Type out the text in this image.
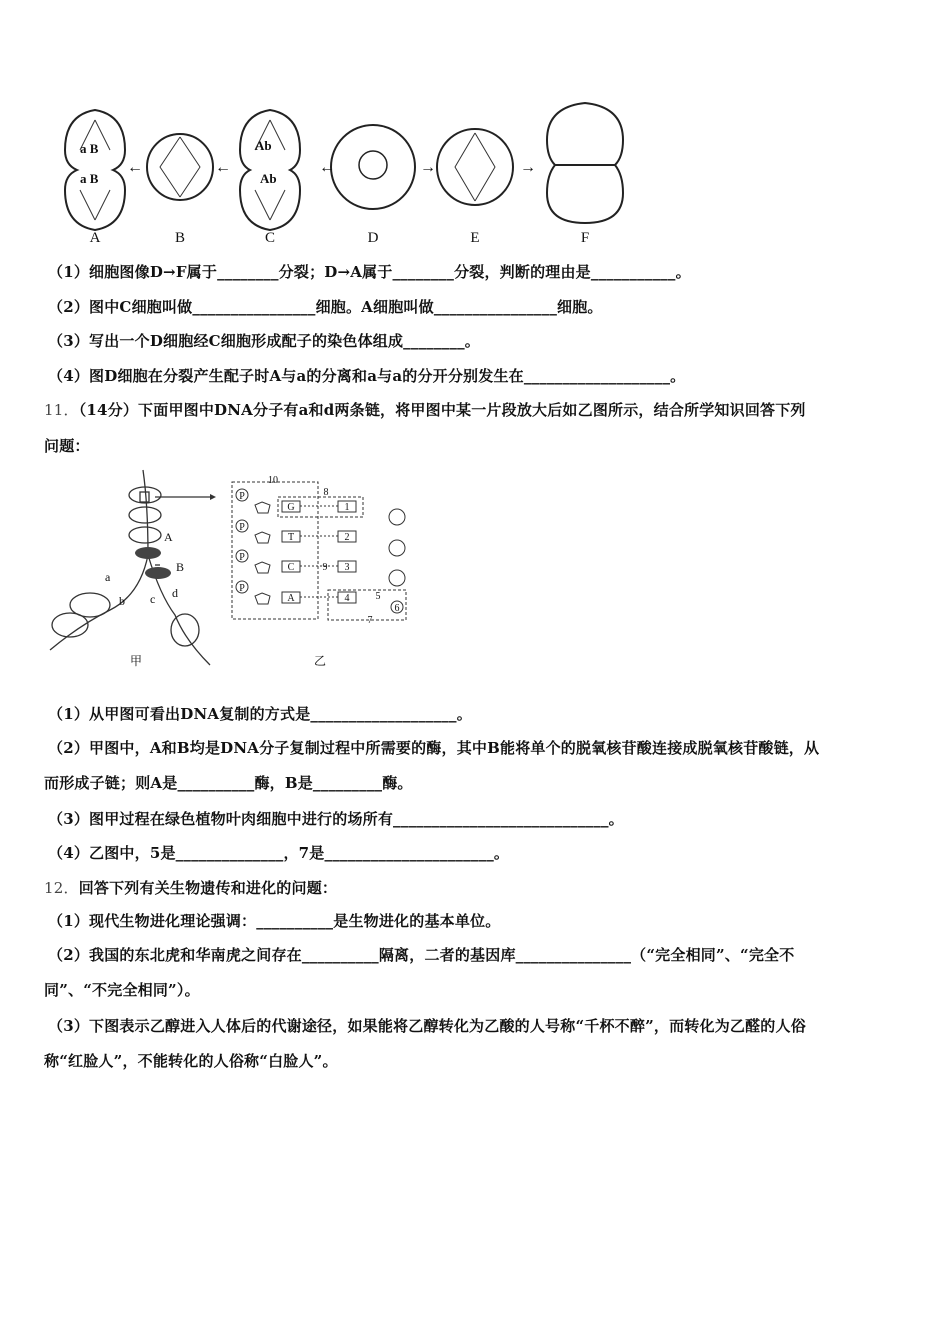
a B
a B
Ab
Ab
←	←	←	→	→
A	B	C	D	E	F
（1）细胞图像D→F属于________分裂；D→A属于________分裂，判断的理由是___________。
（2）图中C细胞叫做________________细胞。A细胞叫做________________细胞。
（3）写出一个D细胞经C细胞形成配子的染色体组成________。
（4）图D细胞在分裂产生配子时A与a的分离和a与a的分开分别发生在___________________。
11．（14分）下面甲图中DNA分子有a和d两条链，将甲图中某一片段放大后如乙图所示，结合所学知识回答下列
问题：
A
B
a
b c d
甲
P
P
P
P
G
T
C
A
1
2
3
4	5
6
7
8
9
10
乙
（1）从甲图可看出DNA复制的方式是___________________。
（2）甲图中，A和B均是DNA分子复制过程中所需要的酶，其中B能将单个的脱氧核苷酸连接成脱氧核苷酸链，从
而形成子链；则A是__________酶，B是_________酶。
（3）图甲过程在绿色植物叶肉细胞中进行的场所有____________________________。
（4）乙图中，5是______________，7是______________________。
12．回答下列有关生物遗传和进化的问题：
（1）现代生物进化理论强调：__________是生物进化的基本单位。
（2）我国的东北虎和华南虎之间存在__________隔离，二者的基因库_______________（“完全相同”、“完全不
同”、“不完全相同”）。
（3）下图表示乙醇进入人体后的代谢途径，如果能将乙醇转化为乙酸的人号称“千杯不醉”，而转化为乙醛的人俗
称“红脸人”，不能转化的人俗称“白脸人”。
